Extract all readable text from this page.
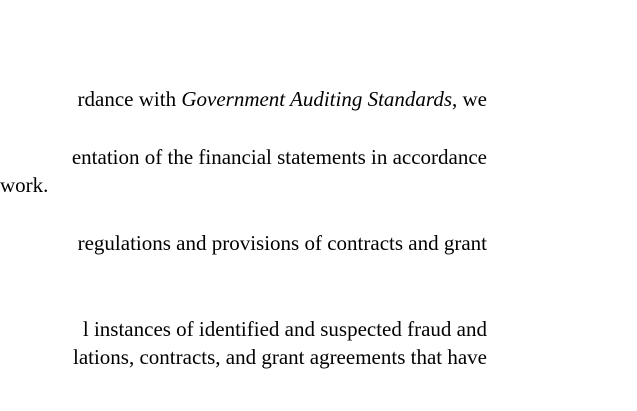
rdance with Government Auditing Standards, we
entation of the financial statements in accordance
work.
regulations and provisions of contracts and grant
l instances of identified and suspected fraud and
lations, contracts, and grant agreements that have
